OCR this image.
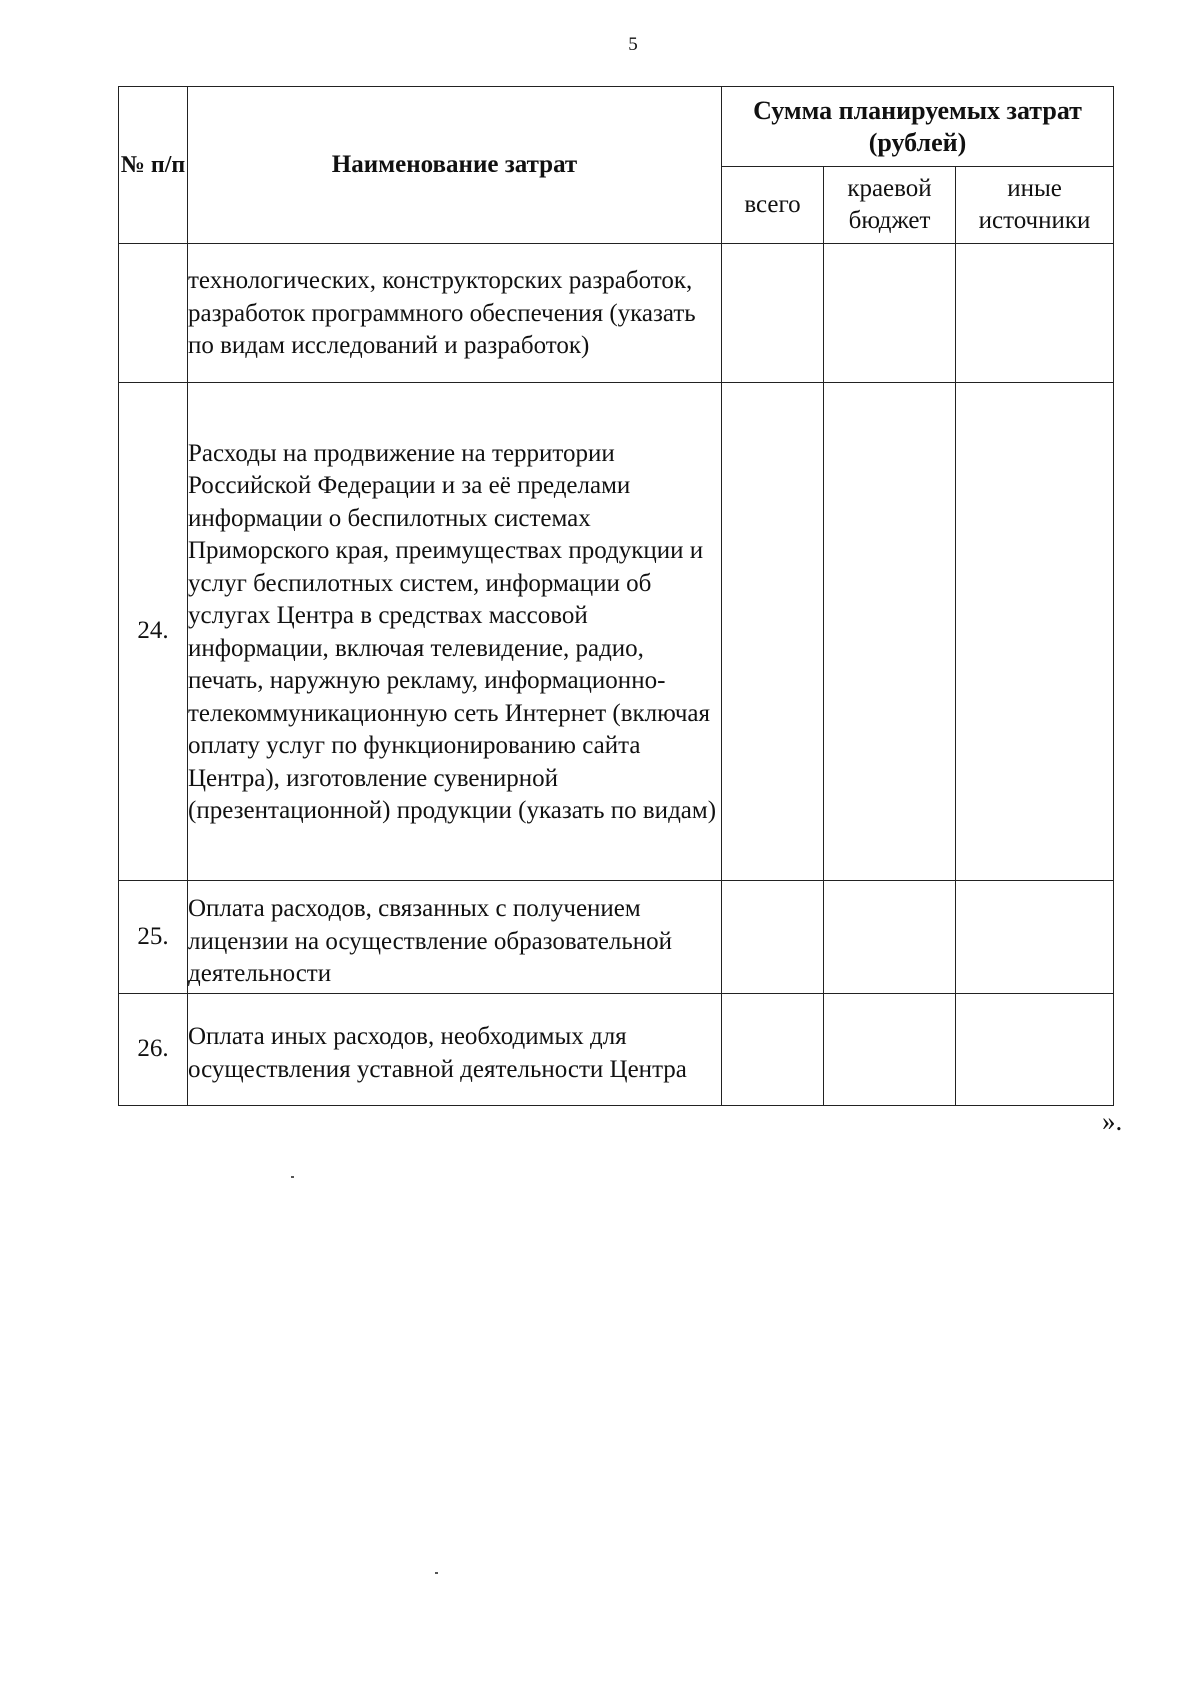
5
№ п/п	Наименование затрат	Сумма планируемых затрат (рублей)		
		всего	краевой бюджет	иные источники
	технологических, конструкторских разработок, разработок программного обеспечения (указать по видам исследований и разработок)			
24.	Расходы на продвижение на территории Российской Федерации и за её пределами информации о беспилотных системах Приморского края, преимуществах продукции и услуг беспилотных систем, информации об услугах Центра в средствах массовой информации, включая телевидение, радио, печать, наружную рекламу, информационно-телекоммуникационную сеть Интернет (включая оплату услуг по функционированию сайта Центра), изготовление сувенирной (презентационной) продукции (указать по видам)			
25.	Оплата расходов, связанных с получением лицензии на осуществление образовательной деятельности			
26.	Оплата иных расходов, необходимых для осуществления уставной деятельности Центра			
».
